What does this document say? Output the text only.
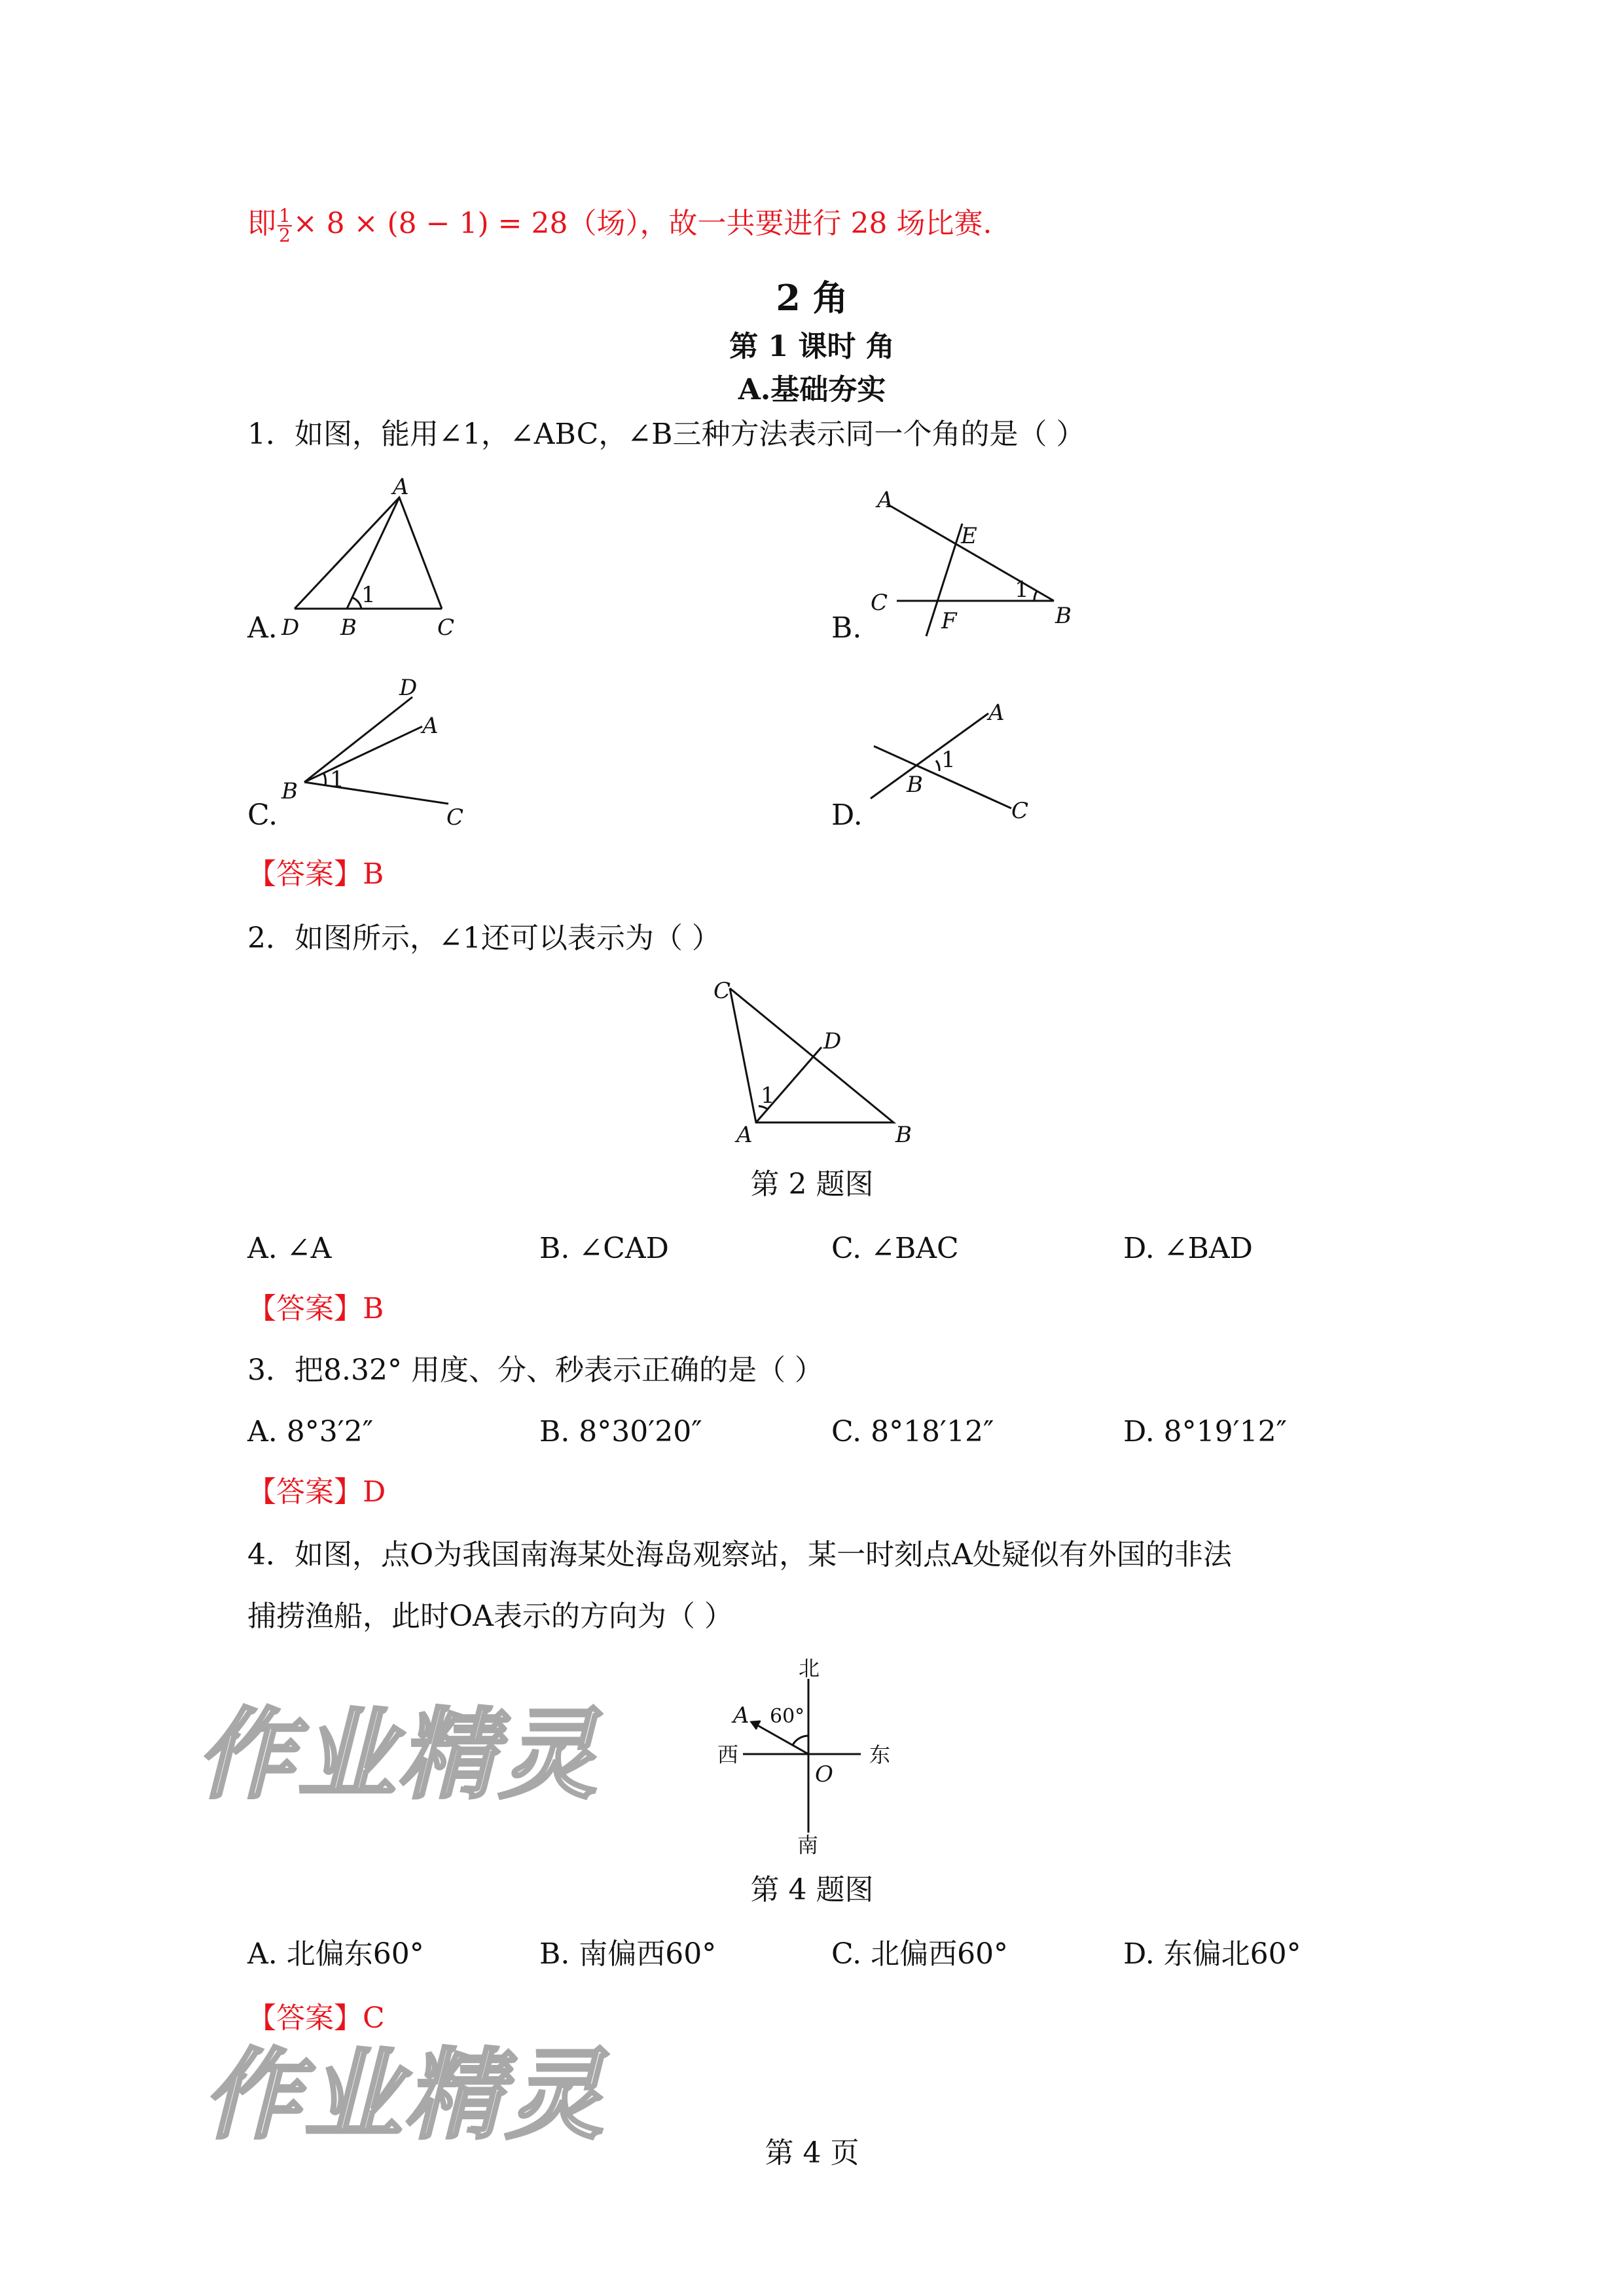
即 $\frac{1}{2} \times 8 \times (8 - 1) = 28$（场），故一共要进行 28 场比赛.
2 角
第 1 课时 角
A.基础夯实
1．如图，能用∠1，∠ABC，∠B三种方法表示同一个角的是（ ）
A.
A
D B	C
1
B.
A
E
C
F	B
1
C.
D
A
B
C
1
D.
A
B
C
1
【答案】B
2．如图所示，∠1还可以表示为（ ）
C
D
A	B
1
第 2 题图
A. ∠A	B. ∠CAD	C. ∠BAC	D. ∠BAD
【答案】B
3．把8.32° 用度、分、秒表示正确的是（ ）
A. 8°3′2″	B. 8°30′20″	C. 8°18′12″	D. 8°19′12″
【答案】D
4．如图，点O为我国南海某处海岛观察站，某一时刻点A处疑似有外国的非法
捕捞渔船，此时OA表示的方向为（ ）
北
南
东
西
A 60°
O
第 4 题图
A. 北偏东60°	B. 南偏西60°	C. 北偏西60°	D. 东偏北60°
【答案】C
作业精灵
作业精灵
第 4 页
